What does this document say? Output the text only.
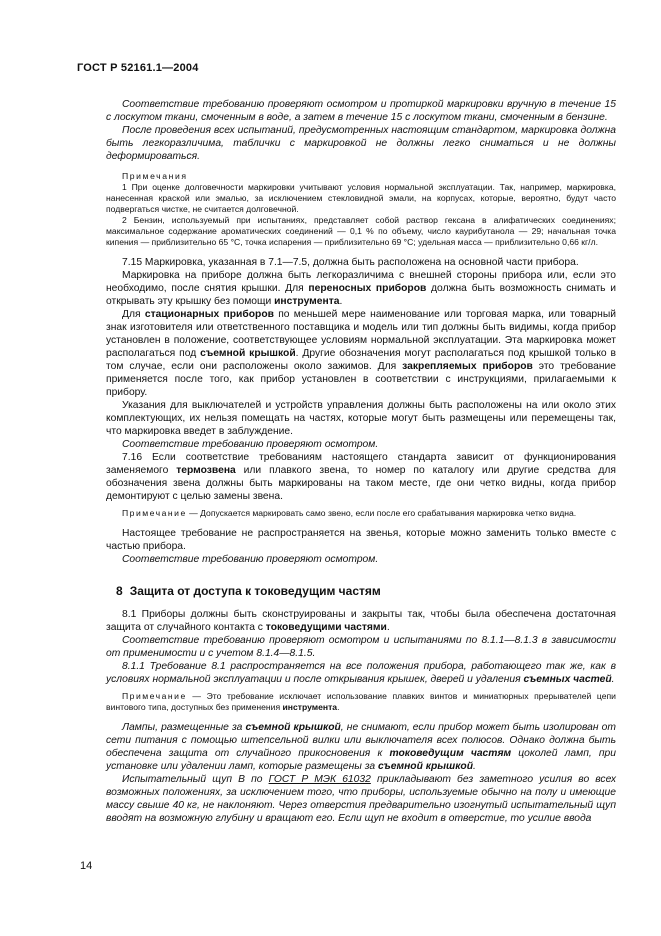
ГОСТ Р 52161.1—2004

Соответствие требованию проверяют осмотром и протиркой маркировки вручную в течение 15 с лоскутом ткани, смоченным в воде, а затем в течение 15 с лоскутом ткани, смоченным в бензине.

После проведения всех испытаний, предусмотренных настоящим стандартом, маркировка должна быть легкоразличима, таблички с маркировкой не должны легко сниматься и не должны деформироваться.

Примечания

1 При оценке долговечности маркировки учитывают условия нормальной эксплуатации. Так, например, маркировка, нанесенная краской или эмалью, за исключением стекловидной эмали, на корпусах, которые, вероятно, будут часто подвергаться чистке, не считается долговечной.

2 Бензин, используемый при испытаниях, представляет собой раствор гексана в алифатических соединениях; максимальное содержание ароматических соединений — 0,1 % по объему, число каурибутанола — 29; начальная точка кипения — приблизительно 65 °С, точка испарения — приблизительно 69 °С; удельная масса — приблизительно 0,66 кг/л.

7.15 Маркировка, указанная в 7.1—7.5, должна быть расположена на основной части прибора.

Маркировка на приборе должна быть легкоразличима с внешней стороны прибора или, если это необходимо, после снятия крышки. Для переносных приборов должна быть возможность снимать и открывать эту крышку без помощи инструмента.

Для стационарных приборов по меньшей мере наименование или торговая марка, или товарный знак изготовителя или ответственного поставщика и модель или тип должны быть видимы, когда прибор установлен в положение, соответствующее условиям нормальной эксплуатации. Эта маркировка может располагаться под съемной крышкой. Другие обозначения могут располагаться под крышкой только в том случае, если они расположены около зажимов. Для закрепляемых приборов это требование применяется после того, как прибор установлен в соответствии с инструкциями, прилагаемыми к прибору.

Указания для выключателей и устройств управления должны быть расположены на или около этих комплектующих, их нельзя помещать на частях, которые могут быть размещены или перемещены так, что маркировка введет в заблуждение.

Соответствие требованию проверяют осмотром.

7.16 Если соответствие требованиям настоящего стандарта зависит от функционирования заменяемого термозвена или плавкого звена, то номер по каталогу или другие средства для обозначения звена должны быть маркированы на таком месте, где они четко видны, когда прибор демонтируют с целью замены звена.

Примечание — Допускается маркировать само звено, если после его срабатывания маркировка четко видна.

Настоящее требование не распространяется на звенья, которые можно заменить только вместе с частью прибора.

Соответствие требованию проверяют осмотром.

8 Защита от доступа к токоведущим частям

8.1 Приборы должны быть сконструированы и закрыты так, чтобы была обеспечена достаточная защита от случайного контакта с токоведущими частями.

Соответствие требованию проверяют осмотром и испытаниями по 8.1.1—8.1.3 в зависимости от применимости и с учетом 8.1.4—8.1.5.

8.1.1 Требование 8.1 распространяется на все положения прибора, работающего так же, как в условиях нормальной эксплуатации и после открывания крышек, дверей и удаления съемных частей.

Примечание — Это требование исключает использование плавких винтов и миниатюрных прерывателей цепи винтового типа, доступных без применения инструмента.

Лампы, размещенные за съемной крышкой, не снимают, если прибор может быть изолирован от сети питания с помощью штепсельной вилки или выключателя всех полюсов. Однако должна быть обеспечена защита от случайного прикосновения к токоведущим частям цоколей ламп, при установке или удалении ламп, которые размещены за съемной крышкой.

Испытательный щуп В по ГОСТ Р МЭК 61032 прикладывают без заметного усилия во всех возможных положениях, за исключением того, что приборы, используемые обычно на полу и имеющие массу свыше 40 кг, не наклоняют. Через отверстия предварительно изогнутый испытательный щуп вводят на возможную глубину и вращают его. Если щуп не входит в отверстие, то усилие ввода

14
